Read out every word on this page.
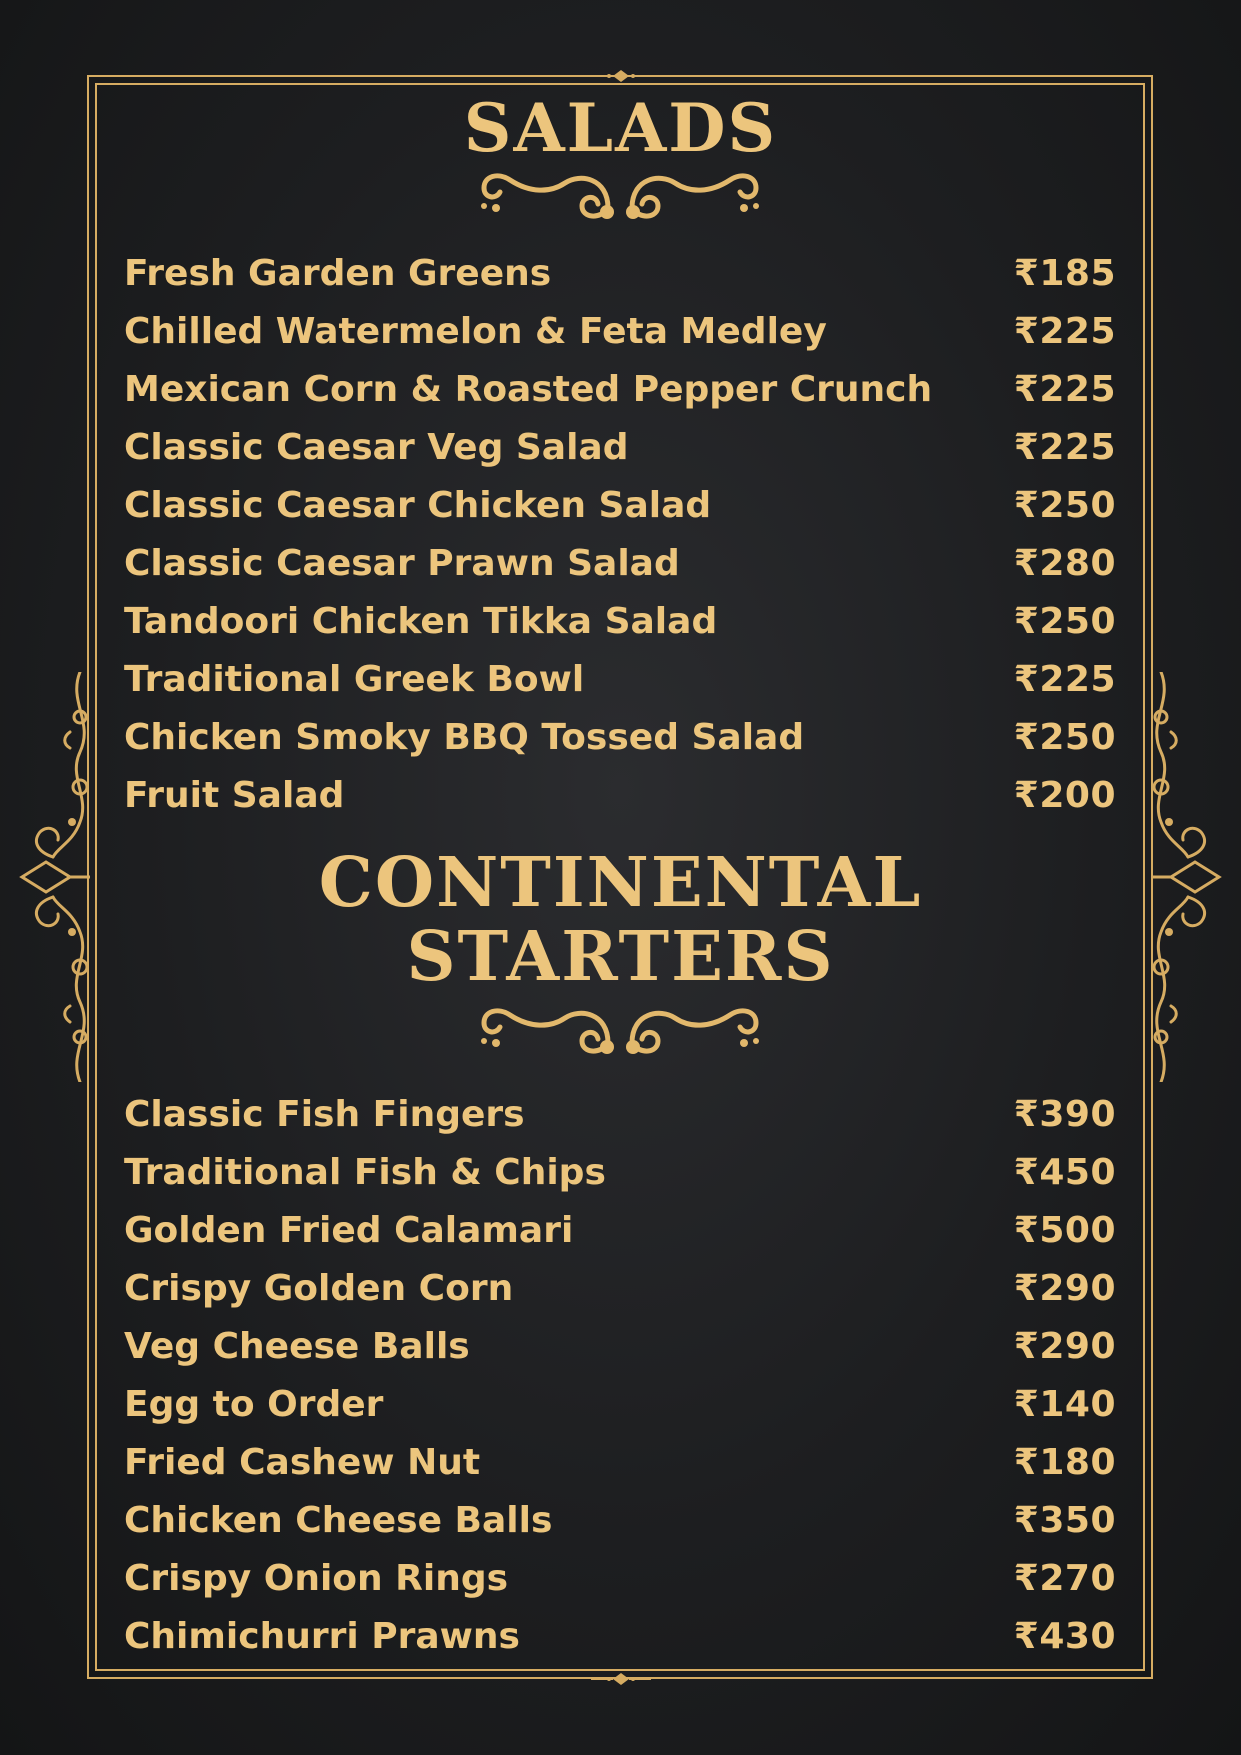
SALADS
Fresh Garden Greens	₹185
Chilled Watermelon & Feta Medley	₹225
Mexican Corn & Roasted Pepper Crunch ₹225
Classic Caesar Veg Salad	₹225
Classic Caesar Chicken Salad	₹250
Classic Caesar Prawn Salad	₹280
Tandoori Chicken Tikka Salad	₹250
Traditional Greek Bowl	₹225
Chicken Smoky BBQ Tossed Salad	₹250
Fruit Salad	₹200
CONTINENTAL
STARTERS
Classic Fish Fingers	₹390
Traditional Fish & Chips	₹450
Golden Fried Calamari	₹500
Crispy Golden Corn	₹290
Veg Cheese Balls	₹290
Egg to Order	₹140
Fried Cashew Nut	₹180
Chicken Cheese Balls	₹350
Crispy Onion Rings	₹270
Chimichurri Prawns	₹430
